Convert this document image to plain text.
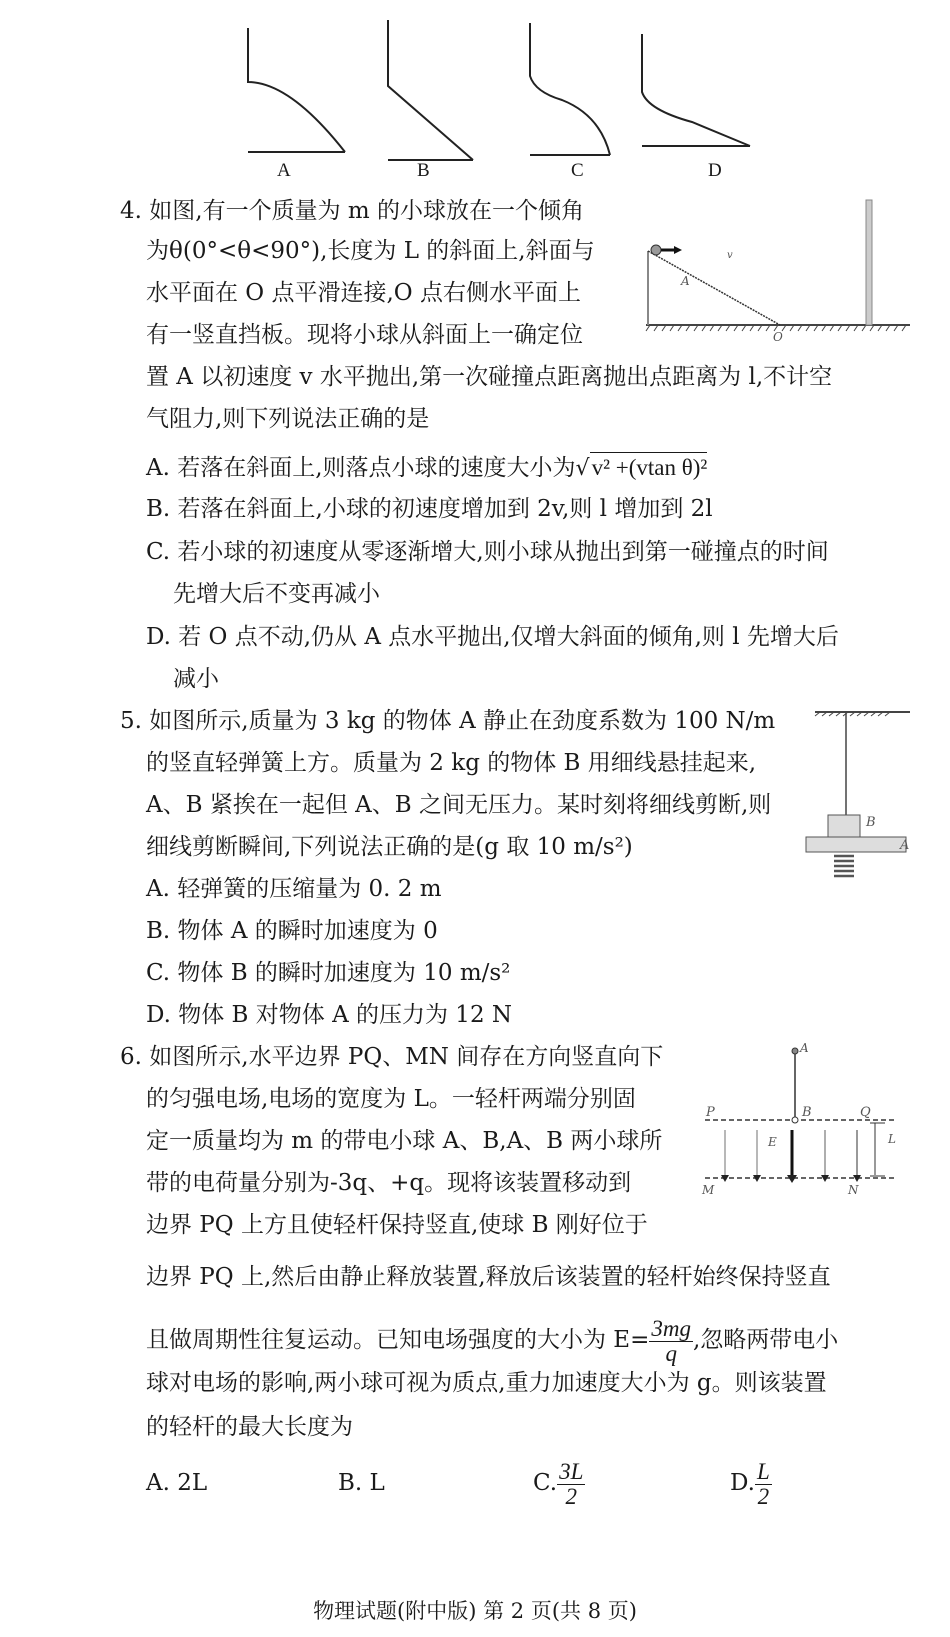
A	B	C	D
4. 如图,有一个质量为 m 的小球放在一个倾角
为θ(0°<θ<90°),长度为 L 的斜面上,斜面与
水平面在 O 点平滑连接,O 点右侧水平面上
有一竖直挡板。现将小球从斜面上一确定位
置 A 以初速度 v 水平抛出,第一次碰撞点距离抛出点距离为 l,不计空
气阻力,则下列说法正确的是
v
A
O
A. 若落在斜面上,则落点小球的速度大小为√v² +(vtan θ)²
B. 若落在斜面上,小球的初速度增加到 2v,则 l 增加到 2l
C. 若小球的初速度从零逐渐增大,则小球从抛出到第一碰撞点的时间
先增大后不变再减小
D. 若 O 点不动,仍从 A 点水平抛出,仅增大斜面的倾角,则 l 先增大后
减小
5. 如图所示,质量为 3 kg 的物体 A 静止在劲度系数为 100 N/m
的竖直轻弹簧上方。质量为 2 kg 的物体 B 用细线悬挂起来,
A、B 紧挨在一起但 A、B 之间无压力。某时刻将细线剪断,则
细线剪断瞬间,下列说法正确的是(g 取 10 m/s²)
B
A
A. 轻弹簧的压缩量为 0. 2 m
B. 物体 A 的瞬时加速度为 0
C. 物体 B 的瞬时加速度为 10 m/s²
D. 物体 B 对物体 A 的压力为 12 N
6. 如图所示,水平边界 PQ、MN 间存在方向竖直向下
的匀强电场,电场的宽度为 L。一轻杆两端分别固
定一质量均为 m 的带电小球 A、B,A、B 两小球所
带的电荷量分别为-3q、+q。现将该装置移动到
边界 PQ 上方且使轻杆保持竖直,使球 B 刚好位于
边界 PQ 上,然后由静止释放装置,释放后该装置的轻杆始终保持竖直
A
P	B	Q
E	L
M	N
且做周期性往复运动。已知电场强度的大小为 $E= \frac{3mg}{q}$ ,忽略两带电小
球对电场的影响,两小球可视为质点,重力加速度大小为 g。则该装置
的轻杆的最大长度为
A. 2L	B. L	C. $\frac{3L}{2}$	D. $\frac{L}{2}$
物理试题(附中版) 第 2 页(共 8 页)
